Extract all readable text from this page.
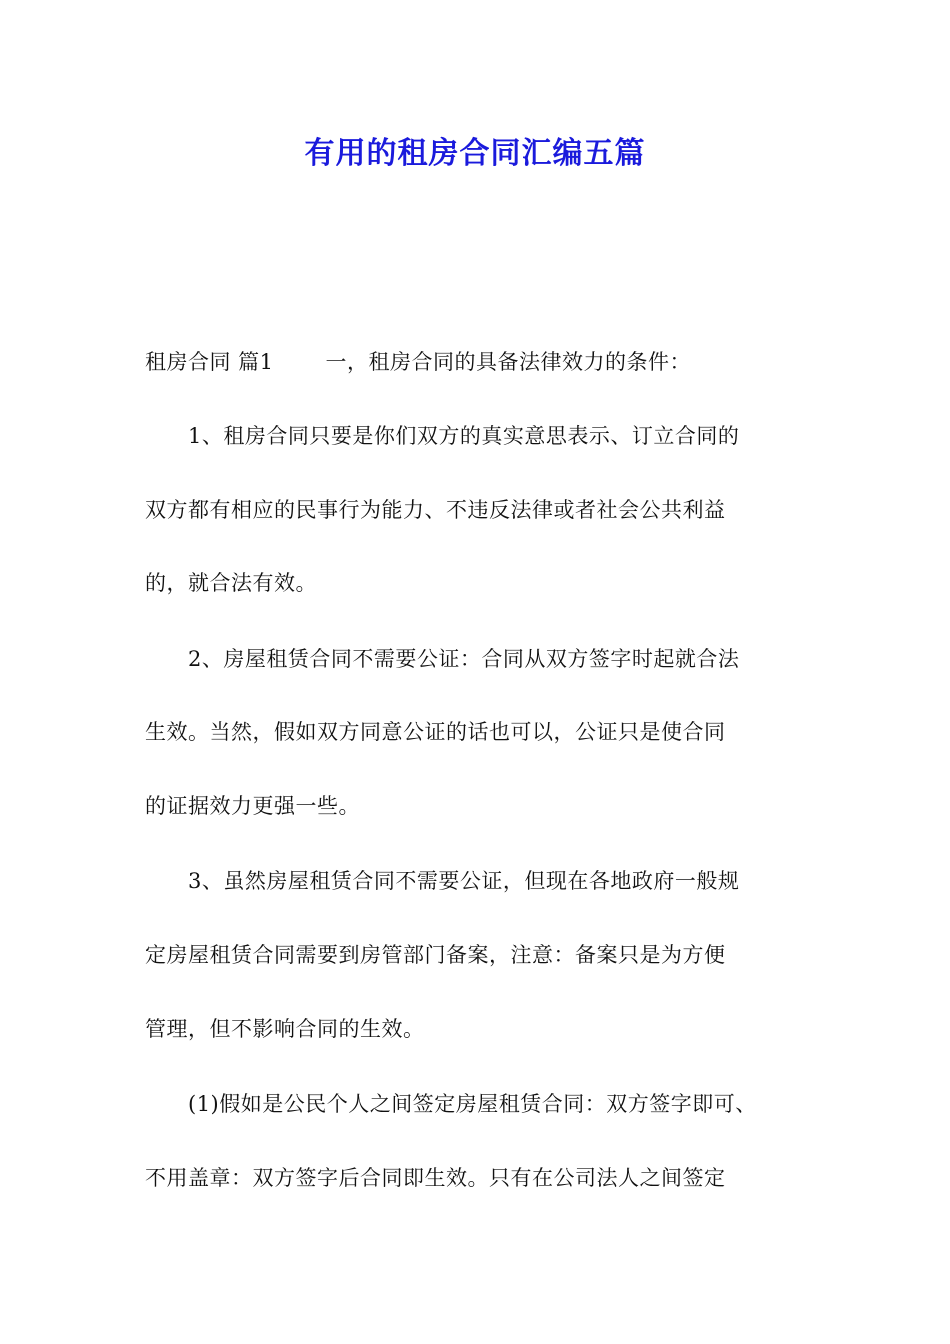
有用的租房合同汇编五篇
租房合同 篇1 一，租房合同的具备法律效力的条件：
1、租房合同只要是你们双方的真实意思表示、订立合同的
双方都有相应的民事行为能力、不违反法律或者社会公共利益
的，就合法有效。
2、房屋租赁合同不需要公证：合同从双方签字时起就合法
生效。当然，假如双方同意公证的话也可以，公证只是使合同
的证据效力更强一些。
3、虽然房屋租赁合同不需要公证，但现在各地政府一般规
定房屋租赁合同需要到房管部门备案，注意：备案只是为方便
管理，但不影响合同的生效。
(1)假如是公民个人之间签定房屋租赁合同：双方签字即可、
不用盖章：双方签字后合同即生效。只有在公司法人之间签定
